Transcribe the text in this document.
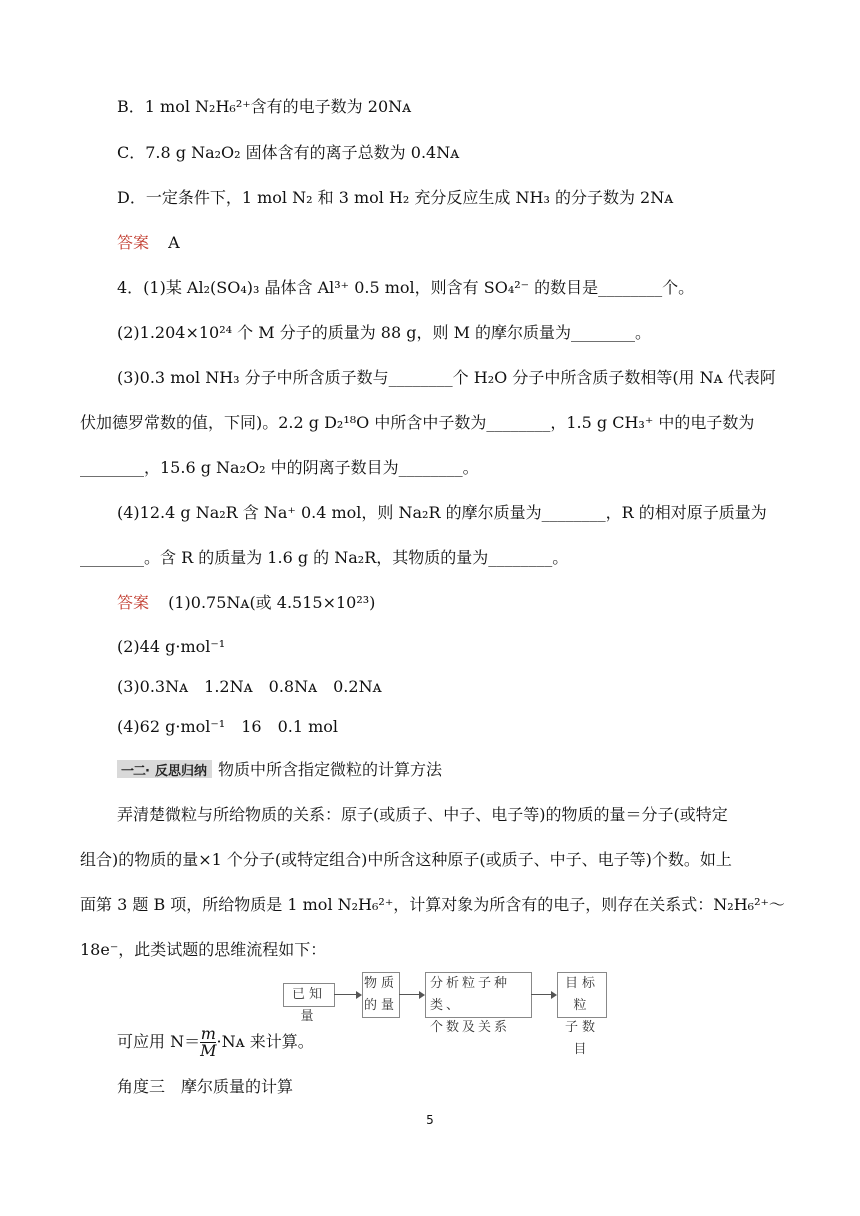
B．1 mol N₂H₆²⁺含有的电子数为 20Nᴀ
C．7.8 g Na₂O₂ 固体含有的离子总数为 0.4Nᴀ
D．一定条件下，1 mol N₂ 和 3 mol H₂ 充分反应生成 NH₃ 的分子数为 2Nᴀ
答案 A
4．(1)某 Al₂(SO₄)₃ 晶体含 Al³⁺ 0.5 mol，则含有 SO₄²⁻ 的数目是________个。
(2)1.204×10²⁴ 个 M 分子的质量为 88 g，则 M 的摩尔质量为________。
(3)0.3 mol NH₃ 分子中所含质子数与________个 H₂O 分子中所含质子数相等(用 Nᴀ 代表阿
伏加德罗常数的值，下同)。2.2 g D₂¹⁸O 中所含中子数为________，1.5 g CH₃⁺ 中的电子数为
________，15.6 g Na₂O₂ 中的阴离子数目为________。
(4)12.4 g Na₂R 含 Na⁺ 0.4 mol，则 Na₂R 的摩尔质量为________，R 的相对原子质量为
________。含 R 的质量为 1.6 g 的 Na₂R，其物质的量为________。
答案 (1)0.75Nᴀ(或 4.515×10²³)
(2)44 g·mol⁻¹
(3)0.3Nᴀ　1.2Nᴀ　0.8Nᴀ　0.2Nᴀ
(4)62 g·mol⁻¹　16　0.1 mol
一二· 反思归纳 物质中所含指定微粒的计算方法
弄清楚微粒与所给物质的关系：原子(或质子、中子、电子等)的物质的量＝分子(或特定
组合)的物质的量×1 个分子(或特定组合)中所含这种原子(或质子、中子、电子等)个数。如上
面第 3 题 B 项，所给物质是 1 mol N₂H₆²⁺，计算对象为所含有的电子，则存在关系式：N₂H₆²⁺～
18e⁻，此类试题的思维流程如下：
已知量
物质
的量
分析粒子种类、
个数及关系
目标粒
子数目
可应用 $N= \frac{m}{M}$ ·Nᴀ 来计算。
角度三　摩尔质量的计算
5
